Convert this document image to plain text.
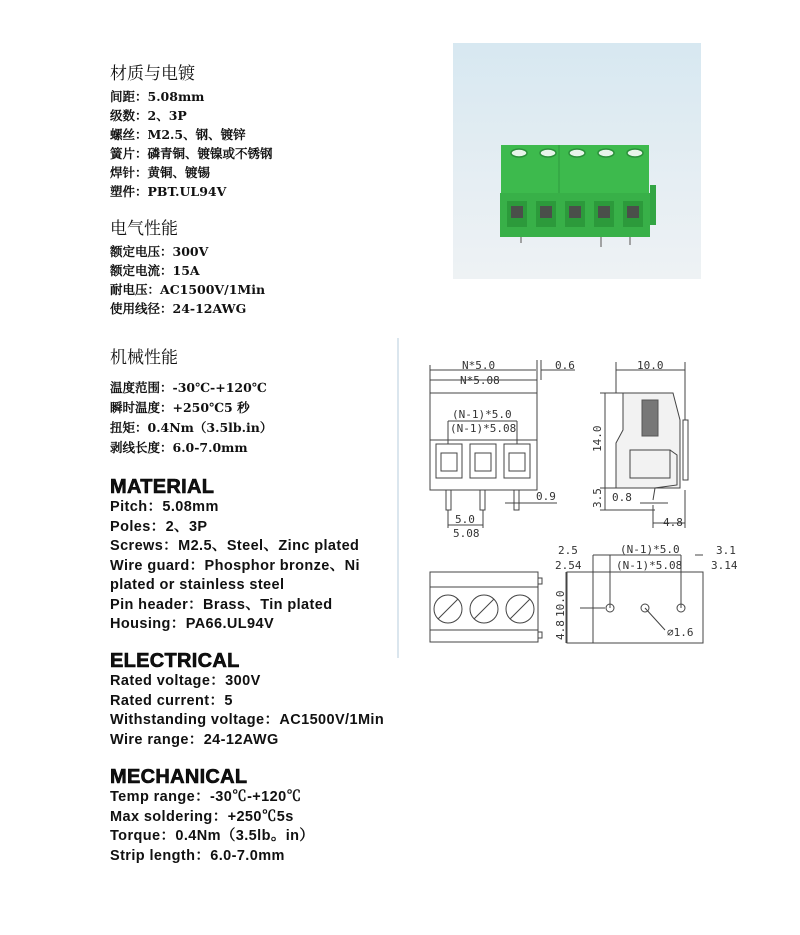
材质与电镀
间距：5.08mm
级数：2、3P
螺丝：M2.5、钢、镀锌
簧片：磷青铜、镀镍或不锈钢
焊针：黄铜、镀锡
塑件：PBT.UL94V
电气性能
额定电压：300V
额定电流：15A
耐电压：AC1500V/1Min
使用线径：24-12AWG
机械性能
温度范围：-30℃-+120℃
瞬时温度：+250℃5 秒
扭矩：0.4Nm（3.5lb.in）
剥线长度：6.0-7.0mm
MATERIAL
Pitch：5.08mm
Poles：2、3P
Screws：M2.5、Steel、Zinc plated
Wire guard：Phosphor bronze、Ni
plated or stainless steel
Pin header：Brass、Tin plated
Housing：PA66.UL94V
ELECTRICAL
Rated voltage：300V
Rated current：5
Withstanding voltage：AC1500V/1Min
Wire range：24-12AWG
MECHANICAL
Temp range：-30℃-+120℃
Max soldering：+250℃5s
Torque：0.4Nm（3.5lb。in）
Strip length：6.0-7.0mm
N*5.0
N*5.08
0.6	10.0
(N-1)*5.0
(N-1)*5.08	14.0
3.5 0.8
0.9
4.8
5.0
5.08
2.5
2.54
(N-1)*5.0
(N-1)*5.08
3.1
3.14
10.0
4.8	⌀1.6
